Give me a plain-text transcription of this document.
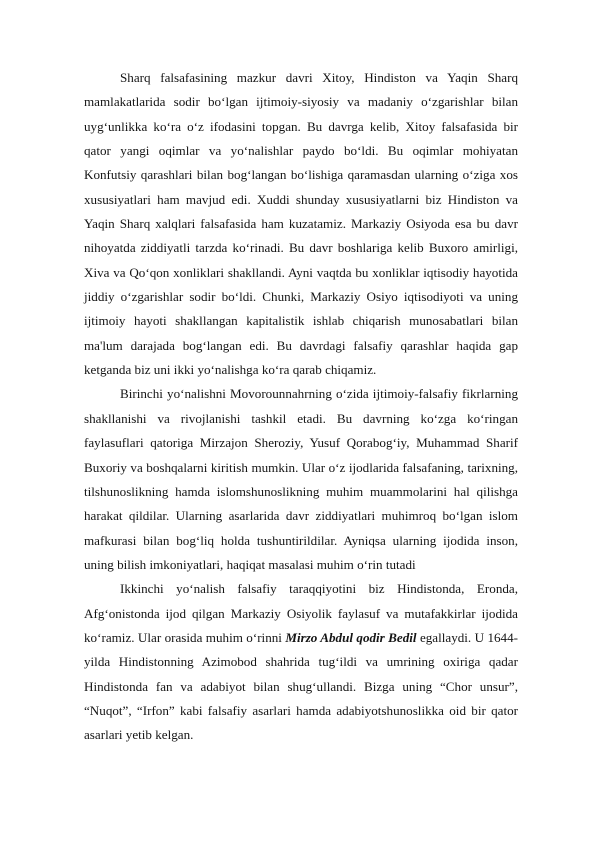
Sharq falsafasining mazkur davri Xitoy, Hindiston va Yaqin Sharq mamlakatlarida sodir bo‘lgan ijtimoiy-siyosiy va madaniy o‘zgarishlar bilan uyg‘unlikka ko‘ra o‘z ifodasini topgan. Bu davrga kelib, Xitoy falsafasida bir qator yangi oqimlar va yo‘nalishlar paydo bo‘ldi. Bu oqimlar mohiyatan Konfutsiy qarashlari bilan bog‘langan bo‘lishiga qaramasdan ularning o‘ziga xos xususiyatlari ham mavjud edi. Xuddi shunday xususiyatlarni biz Hindiston va Yaqin Sharq xalqlari falsafasida ham kuzatamiz. Markaziy Osiyoda esa bu davr nihoyatda ziddiyatli tarzda ko‘rinadi. Bu davr boshlariga kelib Buxoro amirligi, Xiva va Qo‘qon xonliklari shakllandi. Ayni vaqtda bu xonliklar iqtisodiy hayotida jiddiy o‘zgarishlar sodir bo‘ldi. Chunki, Markaziy Osiyo iqtisodiyoti va uning ijtimoiy hayoti shakllangan kapitalistik ishlab chiqarish munosabatlari bilan ma'lum darajada bog‘langan edi. Bu davrdagi falsafiy qarashlar haqida gap ketganda biz uni ikki yo‘nalishga ko‘ra qarab chiqamiz.

Birinchi yo‘nalishni Movorounnahrning o‘zida ijtimoiy-falsafiy fikrlarning shakllanishi va rivojlanishi tashkil etadi. Bu davrning ko‘zga ko‘ringan faylasuflari qatoriga Mirzajon Sheroziy, Yusuf Qorabog‘iy, Muhammad Sharif Buxoriy va boshqalarni kiritish mumkin. Ular o‘z ijodlarida falsafaning, tarixning, tilshunoslikning hamda islomshunoslikning muhim muammolarini hal qilishga harakat qildilar. Ularning asarlarida davr ziddiyatlari muhimroq bo‘lgan islom mafkurasi bilan bog‘liq holda tushuntirildilar. Ayniqsa ularning ijodida inson, uning bilish imkoniyatlari, haqiqat masalasi muhim o‘rin tutadi

Ikkinchi yo‘nalish falsafiy taraqqiyotini biz Hindistonda, Eronda, Afg‘onistonda ijod qilgan Markaziy Osiyolik faylasuf va mutafakkirlar ijodida ko‘ramiz. Ular orasida muhim o‘rinni Mirzo Abdul qodir Bedil egallaydi. U 1644-yilda Hindistonning Azimobod shahrida tug‘ildi va umrining oxiriga qadar Hindistonda fan va adabiyot bilan shug‘ullandi. Bizga uning “Chor unsur”, “Nuqot”, “Irfon” kabi falsafiy asarlari hamda adabiyotshunoslikka oid bir qator asarlari yetib kelgan.
